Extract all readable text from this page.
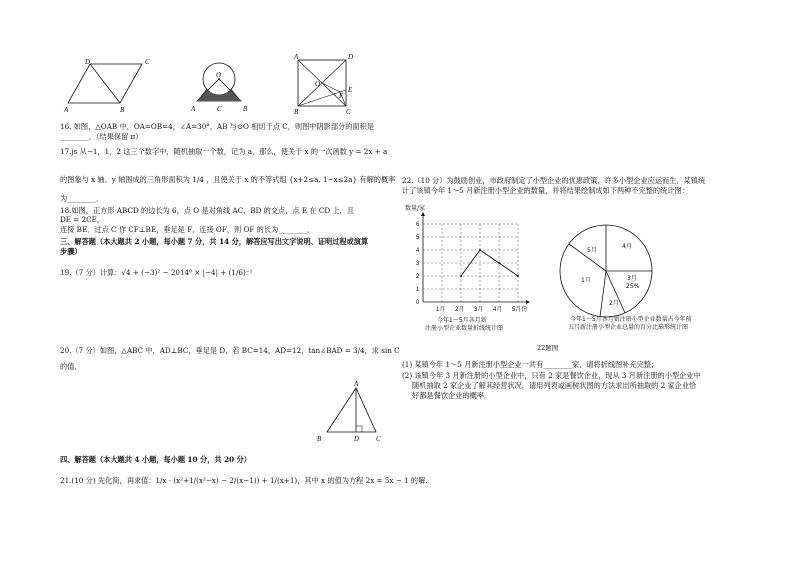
D	C
A	B
O
A	C	B
A	D
B	C
O
E
F
16. 如图，△OAB 中，OA=OB=4，∠A=30°，AB 与⊙O 相切于点 C，则图中阴影部分的面积是
________．（结果保留 π）
17.js 从−1，1，2 这三个数字中，随机抽取一个数，记为 a，那么，使关于 x 的一次函数 y = 2x + a
的图象与 x 轴、y 轴围成的三角形面积为 1/4 ，且使关于 x 的不等式组 {x+2≤a, 1−x≤2a} 有解的概率
为________．
18.如图，正方形 ABCD 的边长为 6，点 O 是对角线 AC、BD 的交点，点 E 在 CD 上，且
DE = 2CE，
连接 BE．过点 C 作 CF⊥BE，垂足是 F，连接 OF，则 OF 的长为________．
三、解答题（本大题共 2 小题，每小题 7 分，共 14 分，解答应写出文字说明、证明过程或演算
步骤）
19.（7 分）计算：√4 + (−3)² − 2014⁰ × |−4| + (1/6)⁻¹
20.（7 分）如图，△ABC 中，AD⊥BC，垂足是 D，若 BC=14，AD=12，tan∠BAD = 3/4，求 sin C
的值．
A
B	D C
四、解答题（本大题共 4 小题，每小题 10 分，共 20 分）
21.(10 分) 先化简，再求值：1/x · (x²+1/(x²−x) − 2/(x−1)) + 1/(x+1)，其中 x 的值为方程 2x = 5x − 1 的解.
22.（10 分）为鼓励创业，市政府制定了小型企业的优惠政策，许多小型企业应运而生．某镇统
计了该镇今年 1～5 月新注册小型企业的数量，并将结果绘制成如下两种不完整的统计图：
数量/家
0
1
2
3
4
5
6
1月 2月 3月 4月 5月份
今年1～5月各月新
注册小型企业数量折线统计图
5月
4月
1月	3月
25%
2月
今年1～5月各月新注册小型企业数量占今年前
五月新注册小型企业总量的百分比扇形统计图
22题图
(1) 某镇今年 1～5 月新注册小型企业一共有________家，请将折线图补充完整；
(2) 该镇今年 3 月新注册的小型企业中，只有 2 家是餐饮企业，现从 3 月新注册的小型企业中
随机抽取 2 家企业了解其经营状况，请用列表或画树状图的方法求出所抽取的 2 家企业恰
好都是餐饮企业的概率．
